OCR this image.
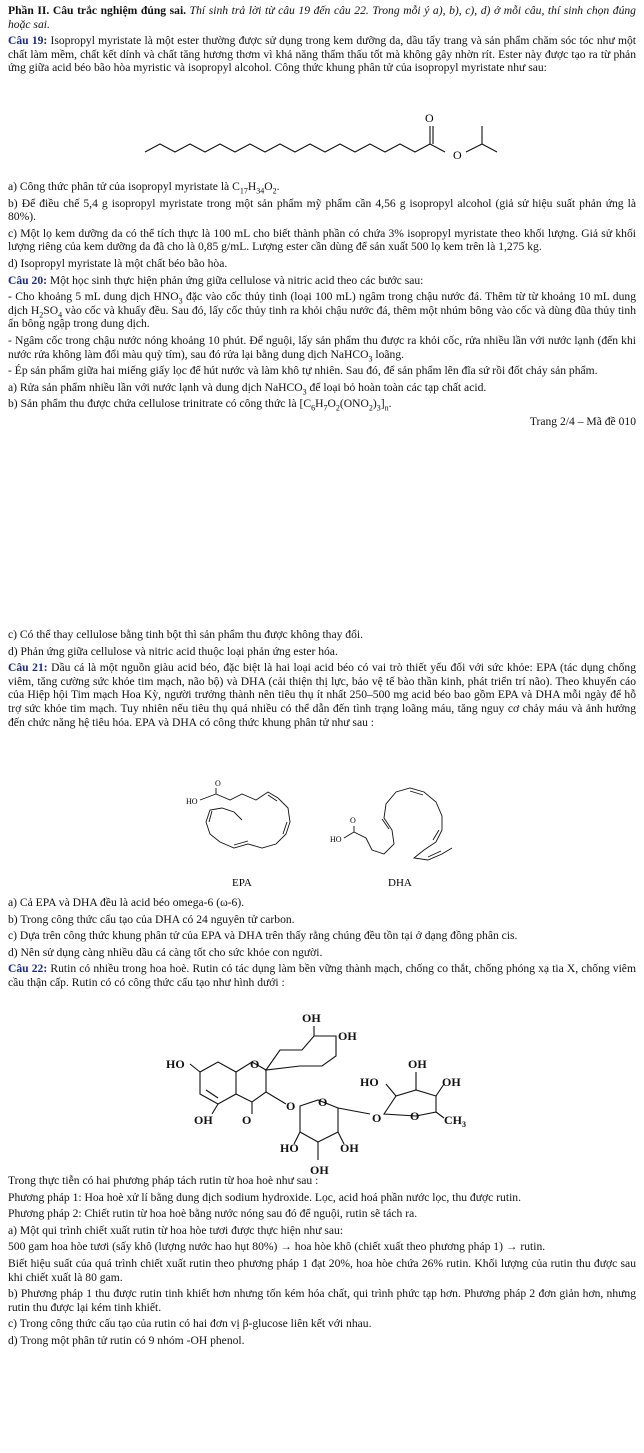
Phần II. Câu trắc nghiệm đúng sai. Thí sinh trả lời từ câu 19 đến câu 22. Trong mỗi ý a), b), c), d) ở mỗi câu, thí sinh chọn đúng hoặc sai.

Câu 19: Isopropyl myristate là một ester thường được sử dụng trong kem dưỡng da, dầu tẩy trang và sản phẩm chăm sóc tóc như một chất làm mềm, chất kết dính và chất tăng hương thơm vì khả năng thẩm thấu tốt mà không gây nhờn rít. Ester này được tạo ra từ phản ứng giữa acid béo bão hòa myristic và isopropyl alcohol. Công thức khung phân tử của isopropyl myristate như sau:

O
O

a) Công thức phân tử của isopropyl myristate là $C_{17}H_{34}O_2$.

b) Để điều chế 5,4 g isopropyl myristate trong một sản phẩm mỹ phẩm cần 4,56 g isopropyl alcohol (giả sử hiệu suất phản ứng là 80%).

c) Một lọ kem dưỡng da có thể tích thực là 100 mL cho biết thành phần có chứa 3% isopropyl myristate theo khối lượng. Giả sử khối lượng riêng của kem dưỡng da đã cho là 0,85 g/mL. Lượng ester cần dùng để sản xuất 500 lọ kem trên là 1,275 kg.

d) Isopropyl myristate là một chất béo bão hòa.

Câu 20: Một học sinh thực hiện phản ứng giữa cellulose và nitric acid theo các bước sau:

- Cho khoảng 5 mL dung dịch $HNO_3$ đặc vào cốc thủy tinh (loại 100 mL) ngâm trong chậu nước đá. Thêm từ từ khoảng 10 mL dung dịch $H_2SO_4$ vào cốc và khuấy đều. Sau đó, lấy cốc thủy tinh ra khỏi chậu nước đá, thêm một nhúm bông vào cốc và dùng đũa thủy tinh ấn bông ngập trong dung dịch.

- Ngâm cốc trong chậu nước nóng khoảng 10 phút. Để nguội, lấy sản phẩm thu được ra khỏi cốc, rửa nhiều lần với nước lạnh (đến khi nước rửa không làm đổi màu quỳ tím), sau đó rửa lại bằng dung dịch NaHCO$_3$ loãng.

- Ép sản phẩm giữa hai miếng giấy lọc để hút nước và làm khô tự nhiên. Sau đó, để sản phẩm lên đĩa sứ rồi đốt cháy sản phẩm.

a) Rửa sản phẩm nhiều lần với nước lạnh và dung dịch NaHCO$_3$ để loại bỏ hoàn toàn các tạp chất acid.

b) Sản phẩm thu được chứa cellulose trinitrate có công thức là $[C_6H_7O_2(ONO_2)_3]_n$.

Trang 2/4 – Mã đề 010

c) Có thể thay cellulose bằng tinh bột thì sản phẩm thu được không thay đổi.

d) Phản ứng giữa cellulose và nitric acid thuộc loại phản ứng ester hóa.

Câu 21: Dầu cá là một nguồn giàu acid béo, đặc biệt là hai loại acid béo có vai trò thiết yếu đối với sức khỏe: EPA (tác dụng chống viêm, tăng cường sức khỏe tim mạch, não bộ) và DHA (cải thiện thị lực, bảo vệ tế bào thần kinh, phát triển trí não). Theo khuyến cáo của Hiệp hội Tim mạch Hoa Kỳ, người trưởng thành nên tiêu thụ ít nhất 250–500 mg acid béo bao gồm EPA và DHA mỗi ngày để hỗ trợ sức khỏe tim mạch. Tuy nhiên nếu tiêu thụ quá nhiều có thể dẫn đến tình trạng loãng máu, tăng nguy cơ chảy máu và ảnh hưởng đến chức năng hệ tiêu hóa. EPA và DHA có công thức khung phân tử như sau :

HO
O
EPA
HO
O
DHA

a) Cả EPA và DHA đều là acid béo omega-6 (ω-6).

b) Trong công thức cấu tạo của DHA có 24 nguyên tử carbon.

c) Dựa trên công thức khung phân tử của EPA và DHA trên thấy rằng chúng đều tồn tại ở dạng đồng phân cis.

d) Nên sử dụng càng nhiều dầu cá càng tốt cho sức khỏe con người.

Câu 22: Rutin có nhiều trong hoa hoè. Rutin có tác dụng làm bền vững thành mạch, chống co thắt, chống phóng xạ tia X, chống viêm cầu thận cấp. Rutin có có công thức cấu tạo như hình dưới :

OH
OH
HO	O
OH O
O O
HO	OH
OH
OH
HO	OH
O O $CH_3$

Trong thực tiễn có hai phương pháp tách rutin từ hoa hoè như sau :

Phương pháp 1: Hoa hoè xử lí bằng dung dịch sodium hydroxide. Lọc, acid hoá phần nước lọc, thu được rutin.

Phương pháp 2: Chiết rutin từ hoa hoè bằng nước nóng sau đó để nguội, rutin sẽ tách ra.

a) Một qui trình chiết xuất rutin từ hoa hòe tươi được thực hiện như sau:

500 gam hoa hòe tươi (sấy khô (lượng nước hao hụt 80%) → hoa hòe khô (chiết xuất theo phương pháp 1) → rutin.

Biết hiệu suất của quá trình chiết xuất rutin theo phương pháp 1 đạt 20%, hoa hòe chứa 26% rutin. Khối lượng của rutin thu được sau khi chiết xuất là 80 gam.

b) Phương pháp 1 thu được rutin tinh khiết hơn nhưng tốn kém hóa chất, qui trình phức tạp hơn. Phương pháp 2 đơn giản hơn, nhưng rutin thu được lại kém tinh khiết.

c) Trong công thức cấu tạo của rutin có hai đơn vị β-glucose liên kết với nhau.

d) Trong một phân tử rutin có 9 nhóm -OH phenol.
